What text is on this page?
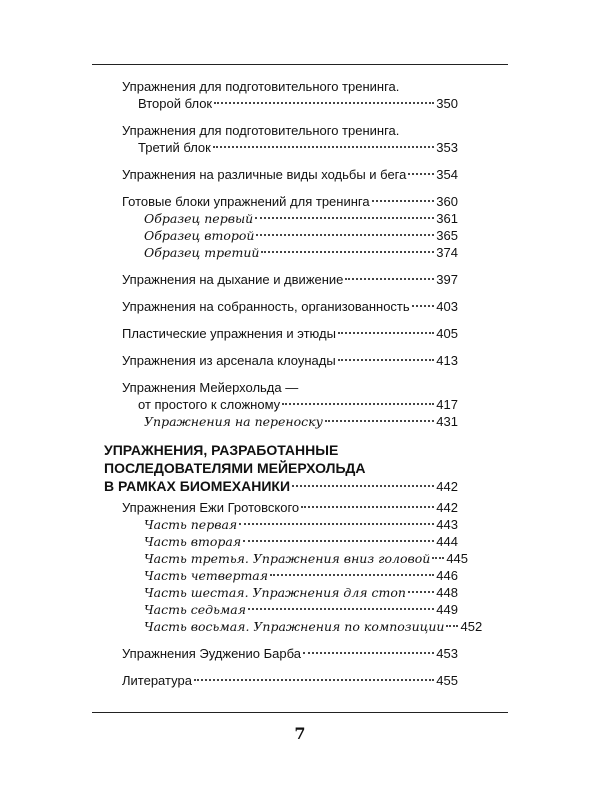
Упражнения для подготовительного тренинга.
Второй блок	350
Упражнения для подготовительного тренинга.
Третий блок	353
Упражнения на различные виды ходьбы и бега 354
Готовые блоки упражнений для тренинга	360
Образец первый	361
Образец второй	365
Образец третий	374
Упражнения на дыхание и движение	397
Упражнения на собранность, организованность 403
Пластические упражнения и этюды	405
Упражнения из арсенала клоунады	413
Упражнения Мейерхольда —
от простого к сложному	417
Упражнения на переноску	431
УПРАЖНЕНИЯ, РАЗРАБОТАННЫЕ
ПОСЛЕДОВАТЕЛЯМИ МЕЙЕРХОЛЬДА
В РАМКАХ БИОМЕХАНИКИ	442
Упражнения Ежи Гротовского	442
Часть первая	443
Часть вторая	444
Часть третья. Упражнения вниз головой 445
Часть четвертая	446
Часть шестая. Упражнения для стоп 448
Часть седьмая	449
Часть восьмая. Упражнения по композиции 452
Упражнения Эудженио Барба	453
Литература	455
7
